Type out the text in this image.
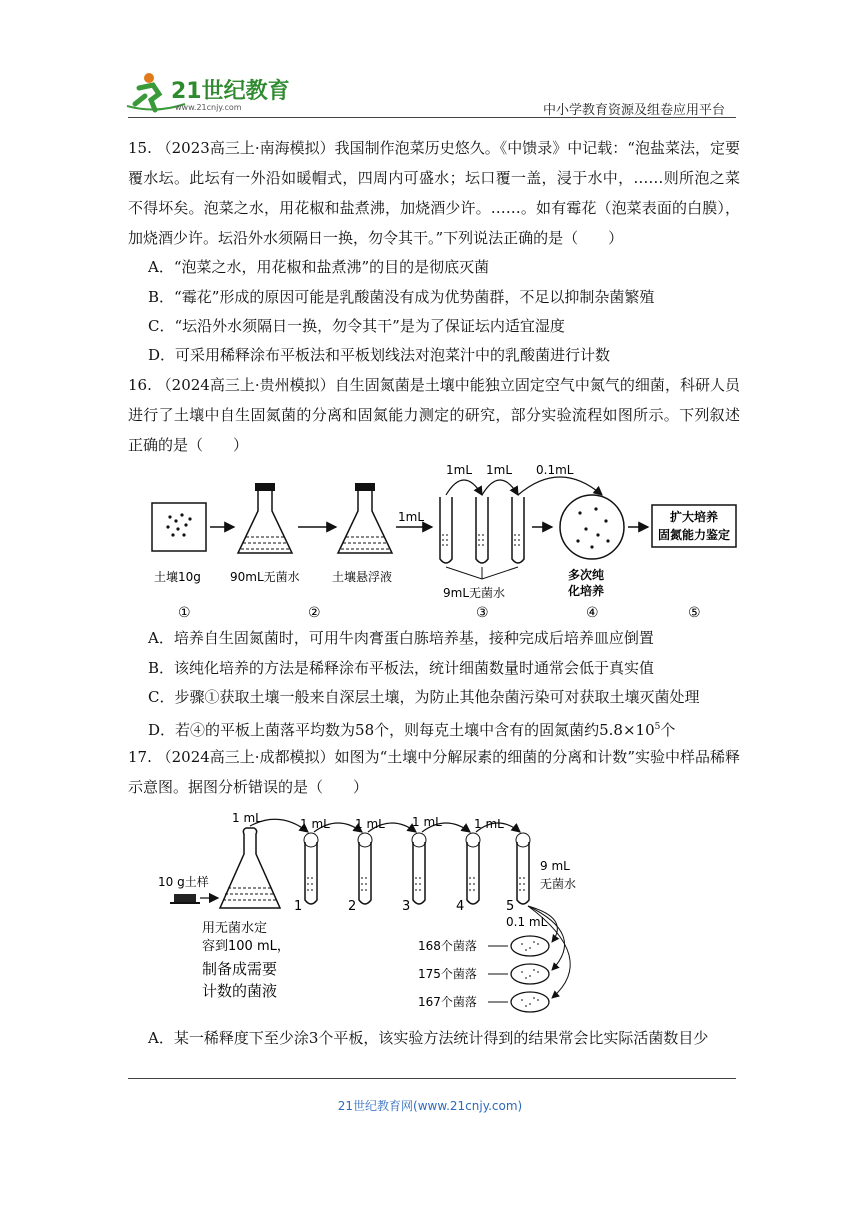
21世纪教育
www.21cnjy.com	中小学教育资源及组卷应用平台
15. （2023高三上·南海模拟）我国制作泡菜历史悠久。《中馈录》中记载：“泡盐菜法，定要覆水坛。此坛有一外沿如暖帽式，四周内可盛水；坛口覆一盖，浸于水中，……则所泡之菜不得坏矣。泡菜之水，用花椒和盐煮沸，加烧酒少许。……。如有霉花（泡菜表面的白膜），加烧酒少许。坛沿外水须隔日一换，勿令其干。”下列说法正确的是（　　）
A．“泡菜之水，用花椒和盐煮沸”的目的是彻底灭菌
B．“霉花”形成的原因可能是乳酸菌没有成为优势菌群，不足以抑制杂菌繁殖
C．“坛沿外水须隔日一换，勿令其干”是为了保证坛内适宜湿度
D．可采用稀释涂布平板法和平板划线法对泡菜汁中的乳酸菌进行计数
16. （2024高三上·贵州模拟）自生固氮菌是土壤中能独立固定空气中氮气的细菌，科研人员进行了土壤中自生固氮菌的分离和固氮能力测定的研究，部分实验流程如图所示。下列叙述正确的是（　　）
1mL
1mL 1mL 0.1mL
扩大培养
固氮能力鉴定
土壤10g 90mL无菌水	土壤悬浮液
9mL无菌水
多次纯
化培养
①	②	③	④	⑤
A．培养自生固氮菌时，可用牛肉膏蛋白胨培养基，接种完成后培养皿应倒置
B．该纯化培养的方法是稀释涂布平板法，统计细菌数量时通常会低于真实值
C．步骤①获取土壤一般来自深层土壤，为防止其他杂菌污染可对获取土壤灭菌处理
D．若④的平板上菌落平均数为58个，则每克土壤中含有的固氮菌约$5.8\times 10^5$个
17. （2024高三上·成都模拟）如图为“土壤中分解尿素的细菌的分离和计数”实验中样品稀释示意图。据图分析错误的是（　　）
10 g土样
1 mL	1 mL 1 mL 1 mL	1 mL
1	2	3	4	5
9 mL
无菌水
0.1 mL
用无菌水定
容到100 mL，
制备成需要
计数的菌液
168个菌落
175个菌落
167个菌落
A．某一稀释度下至少涂3个平板，该实验方法统计得到的结果常会比实际活菌数目少
21世纪教育网(www.21cnjy.com)
